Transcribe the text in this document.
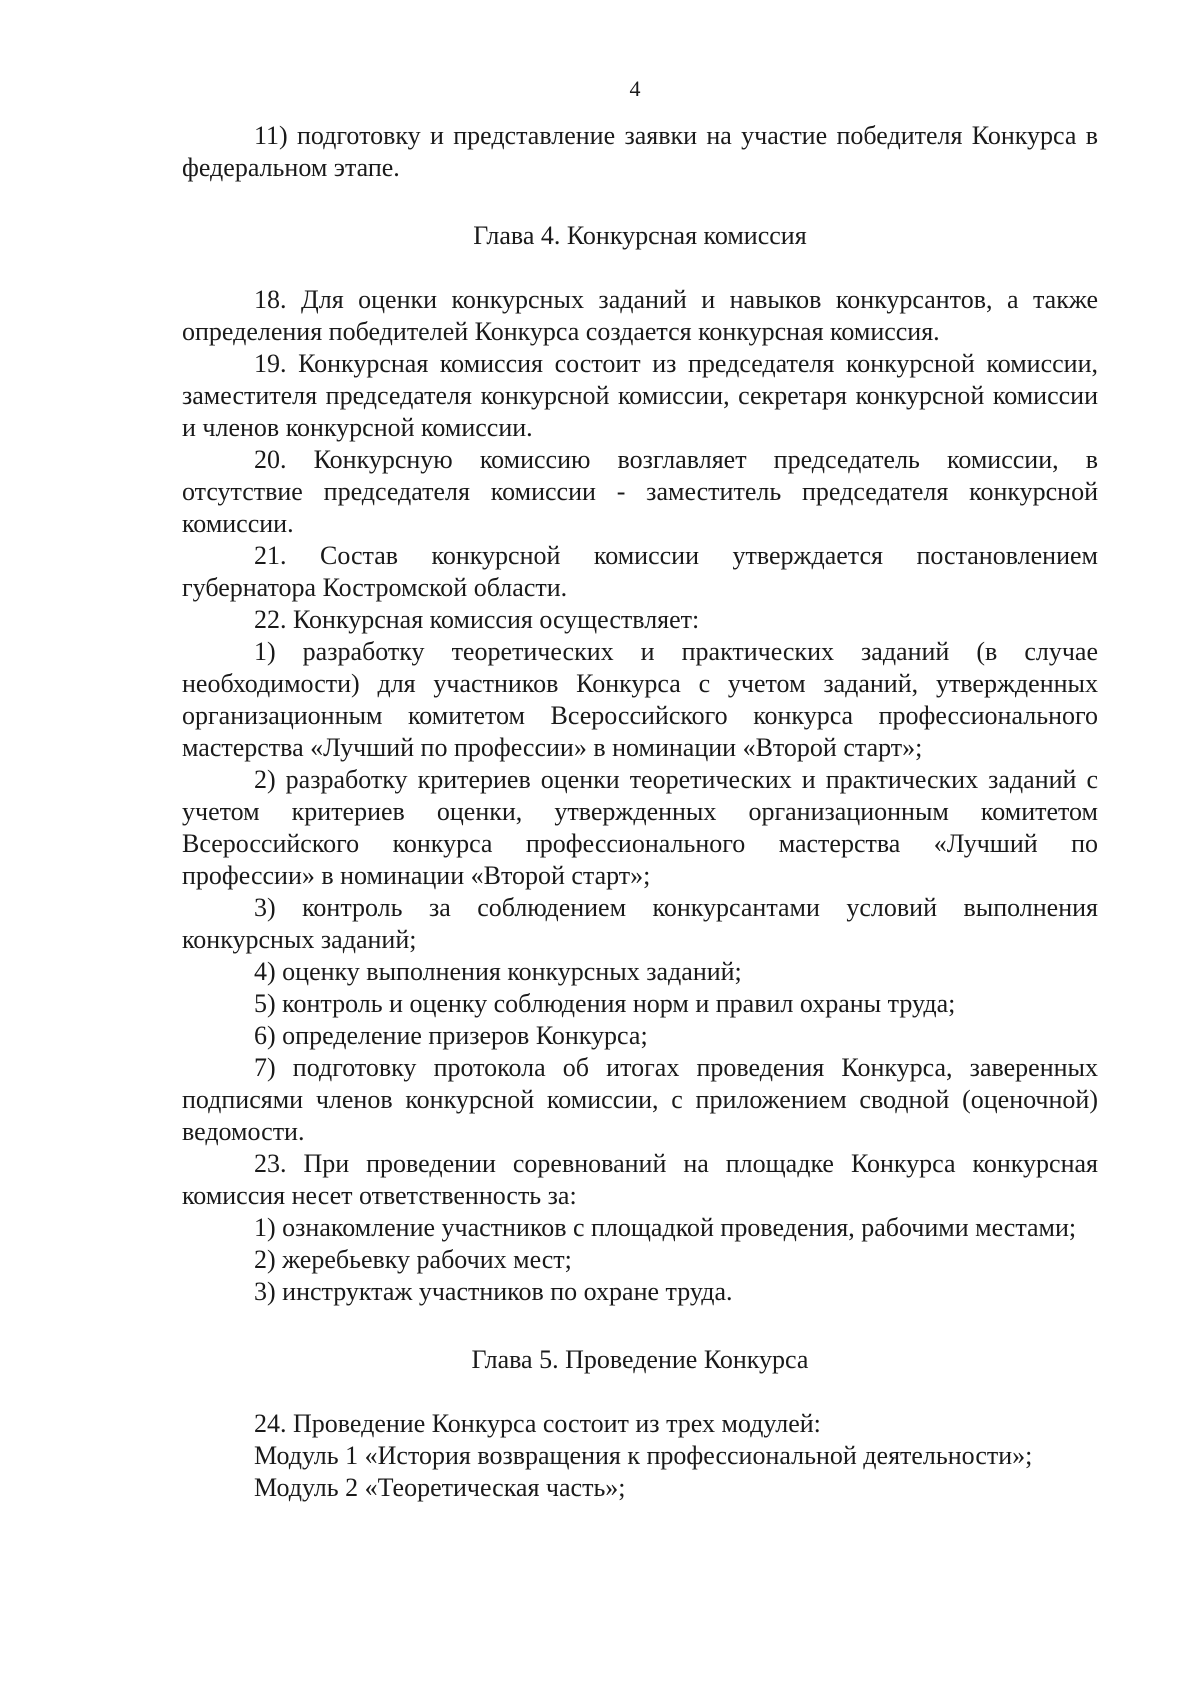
4

11) подготовку и представление заявки на участие победителя Конкурса в федеральном этапе.

Глава 4. Конкурсная комиссия

18. Для оценки конкурсных заданий и навыков конкурсантов, а также определения победителей Конкурса создается конкурсная комиссия.

19. Конкурсная комиссия состоит из председателя конкурсной комиссии, заместителя председателя конкурсной комиссии, секретаря конкурсной комиссии и членов конкурсной комиссии.

20. Конкурсную комиссию возглавляет председатель комиссии, в отсутствие председателя комиссии - заместитель председателя конкурсной комиссии.

21. Состав конкурсной комиссии утверждается постановлением губернатора Костромской области.

22. Конкурсная комиссия осуществляет:

1) разработку теоретических и практических заданий (в случае необходимости) для участников Конкурса с учетом заданий, утвержденных организационным комитетом Всероссийского конкурса профессионального мастерства «Лучший по профессии» в номинации «Второй старт»;

2) разработку критериев оценки теоретических и практических заданий с учетом критериев оценки, утвержденных организационным комитетом Всероссийского конкурса профессионального мастерства «Лучший по профессии» в номинации «Второй старт»;

3) контроль за соблюдением конкурсантами условий выполнения конкурсных заданий;

4) оценку выполнения конкурсных заданий;

5) контроль и оценку соблюдения норм и правил охраны труда;

6) определение призеров Конкурса;

7) подготовку протокола об итогах проведения Конкурса, заверенных подписями членов конкурсной комиссии, с приложением сводной (оценочной) ведомости.

23. При проведении соревнований на площадке Конкурса конкурсная комиссия несет ответственность за:

1) ознакомление участников с площадкой проведения, рабочими местами;

2) жеребьевку рабочих мест;

3) инструктаж участников по охране труда.

Глава 5. Проведение Конкурса

24. Проведение Конкурса состоит из трех модулей:

Модуль 1 «История возвращения к профессиональной деятельности»;

Модуль 2 «Теоретическая часть»;
